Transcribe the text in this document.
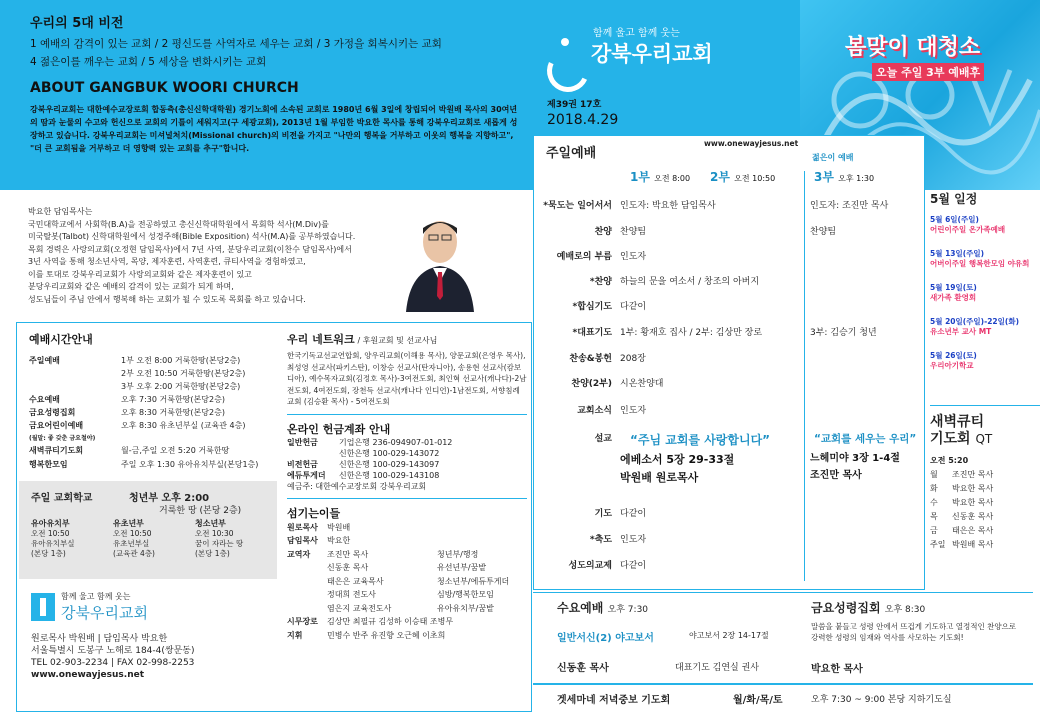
봄맞이 대청소
오늘 주일 3부 예배후
우리의 5대 비전
1 예배의 감격이 있는 교회 / 2 평신도를 사역자로 세우는 교회 / 3 가정을 회복시키는 교회
4 젊은이를 깨우는 교회 / 5 세상을 변화시키는 교회
ABOUT GANGBUK WOORI CHURCH
강북우리교회는 대한예수교장로회 합동측(총신신학대학원) 경기노회에 소속된 교회로 1980년 6월 3일에 창립되어 박원배 목사의 30여년의 땀과 눈물의 수고와 헌신으로 교회의 기틀이 세워지고(구 세광교회), 2013년 1월 부임한 박요한 목사를 통해 강북우리교회로 새롭게 성장하고 있습니다. 강북우리교회는 미셔널처치(Missional church)의 비전을 가지고 "나만의 행복을 거부하고 이웃의 행복을 지향하고", "더 큰 교회됨을 거부하고 더 영향력 있는 교회를 추구"합니다.
함께 울고 함께 웃는
강북우리교회
제39권 17호
2018.4.29
박요한 담임목사는
국민대학교에서 사회학(B.A)을 전공하였고 총신신학대학원에서 목회학 석사(M.Div)를
미국탈봇(Talbot) 신학대학원에서 성경주해(Bible Exposition) 석사(M.A)를 공부하였습니다.
목회 경력은 사랑의교회(오정현 담임목사)에서 7년 사역, 분당우리교회(이찬수 담임목사)에서
3년 사역을 통해 청소년사역, 목양, 제자훈련, 사역훈련, 큐티사역을 경험하였고,
이를 토대로 강북우리교회가 사랑의교회와 같은 제자훈련이 있고
분당우리교회와 같은 예배의 감격이 있는 교회가 되게 하며,
성도님들이 주님 안에서 행복해 하는 교회가 될 수 있도록 목회를 하고 있습니다.
예배시간안내
주일예배	1부 오전 8:00 거룩한땅(본당2층)
2부 오전 10:50 거룩한땅(본당2층)
3부 오후 2:00 거룩한땅(본당2층)
수요예배	오후 7:30 거룩한땅(본당2층)
금요성령집회	오후 8:30 거룩한땅(본당2층)
금요어린이예배	오후 8:30 유초년부실 (교육관 4층)
(월말: 좋 갖춘 금요철야)
새벽큐티기도회	월-금,주일 오전 5:20 거룩한땅
행복한모임	주일 오후 1:30 유아유치부실(본당1층)
주일 교회학교	청년부 오후 2:00
거룩한 땅 (본당 2층)
유아유치부
오전 10:50
유아유치부실
(본당 1층)
유초년부
오전 10:50
유초년부실
(교육관 4층)
청소년부
오전 10:30
꿈이 자라는 땅
(본당 1층)
함께 울고 함께 웃는
강북우리교회
원로목사 박원배 | 담임목사 박요한
서울특별시 도봉구 노해로 184-4(쌍문동)
TEL 02-903-2234 | FAX 02-998-2253
www.onewayjesus.net
우리 네트워크 / 후원교회 및 선교사님
한국기독교선교연합회, 양우리교회(이해용 목사), 양문교회(은영우 목사), 최성영 선교사(파키스탄), 이창승 선교사(탄자니아), 송용현 선교사(캄보디아), 예수목자교회(김정호 목사)-3여전도회, 최인혁 선교사(캐나다)-2남전도회, 4여전도회, 장천득 선교사(캐나다 인디언)-1남전도회, 서향침례교회 (김승환 목사) - 5여전도회
온라인 헌금계좌 안내
일반헌금	기업은행 236-094907-01-012
신한은행 100-029-143072
비전헌금	신한은행 100-029-143097
에듀투게더 신한은행 100-029-143108
예금주: 대한예수교장로회 강북우리교회
섬기는이들
원로목사 박원배
담임목사 박요한
교역자 조진만 목사	청년부/행정
신동훈 목사	유선년부/꿈밭
태은은 교육목사	청소년부/에듀투게더
정대희 전도사	심방/행복한모임
염은지 교육전도사	유아유치부/꿈밭
시무장로 김상만 최필규 김성하 이승태 조병무
지휘	민병수 반주 유진향 오근혜 이초희
주일예배
www.onewayjesus.net
젊은이 예배
1부 오전 8:00 2부 오전 10:50	3부 오후 1:30
*묵도는 일어서서 인도자: 박요한 담임목사	인도자: 조진만 목사
찬양 찬양팀	찬양팀
예배로의 부름 인도자
*찬양 하늘의 문을 여소서 / 창조의 아버지
*합심기도 다같이
*대표기도 1부: 황재호 집사 / 2부: 김상만 장로	3부: 김승기 청년
찬송&봉헌 208장
찬양(2부) 시온찬양대
교회소식 인도자
설교 “주님 교회를 사랑합니다”
에베소서 5장 29-33절
박원배 원로목사
“교회를 세우는 우리”
느헤미야 3장 1-4절
조진만 목사
기도 다같이
*축도 인도자
성도의교제 다같이
5월 일정
5월 6일(주일)
어린이주일 온가족예배
5월 13일(주일)
어버이주일 행복한모임 야유회
5월 19일(토)
새가족 환영회
5월 20일(주일)-22일(화)
유소년부 교사 MT
5월 26일(토)
우리아기학교
새벽큐티
기도회 QT
오전 5:20
월 조진만 목사
화 박요한 목사
수 박요한 목사
목 신동훈 목사
금 태은은 목사
주일 박원배 목사
수요예배 오후 7:30
일반서신(2) 야고보서	야고보서 2장 14-17절
신동훈 목사	대표기도 김연실 권사
금요성령집회 오후 8:30
말씀을 붙들고 성령 안에서 뜨겁게 기도하고 열정적인 찬양으로 강력한 성령의 임재와 역사를 사모하는 기도회!
박요한 목사
겟세마네 저녁중보 기도회	월/화/목/토	오후 7:30 ~ 9:00 본당 지하기도실
